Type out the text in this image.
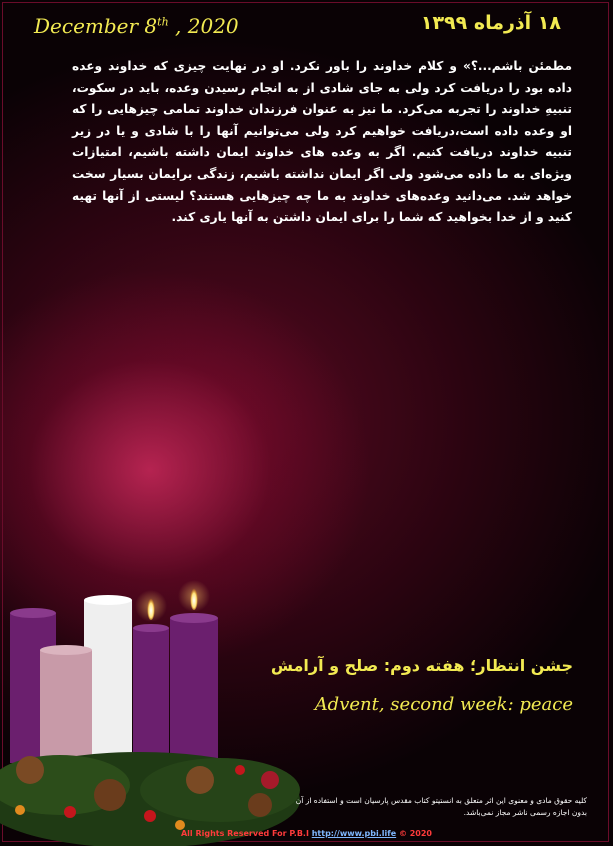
December 8th , 2020	۱۸ آذرماه ۱۳۹۹
مطمئن باشم...؟» و کلام خداوند را باور نکرد. او در نهایت چیزی که خداوند وعده داده بود را دریافت کرد ولی به جای شادی از به انجام رسیدن وعده، باید در سکوت، تنبیهِ خداوند را تجربه می‌کرد. ما نیز به عنوان فرزندان خداوند تمامی چیزهایی را که او وعده داده است،دریافت خواهیم کرد ولی می‌توانیم آنها را با شادی و یا در زیر تنبیه خداوند دریافت کنیم. اگر به وعده های خداوند ایمان داشته باشیم، امتیازات ویژه‌ای به ما داده می‌شود ولی اگر ایمان نداشته باشیم، زندگی برایمان بسیار سخت خواهد شد. می‌دانید وعده‌های خداوند به ما چه چیزهایی هستند؟ لیستی از آنها تهیه کنید و از خدا بخواهید که شما را برای ایمان داشتن به آنها یاری کند.
جشن انتظار؛ هفته دوم: صلح و آرامش
Advent, second week: peace
کلیه حقوق مادی و معنوی این اثر متعلق به انستیتو کتاب مقدس پارسیان است و استفاده از آن بدون اجازه رسمی ناشر مجاز نمی‌باشد.
All Rights Reserved For P.B.I http://www.pbi.life © 2020
